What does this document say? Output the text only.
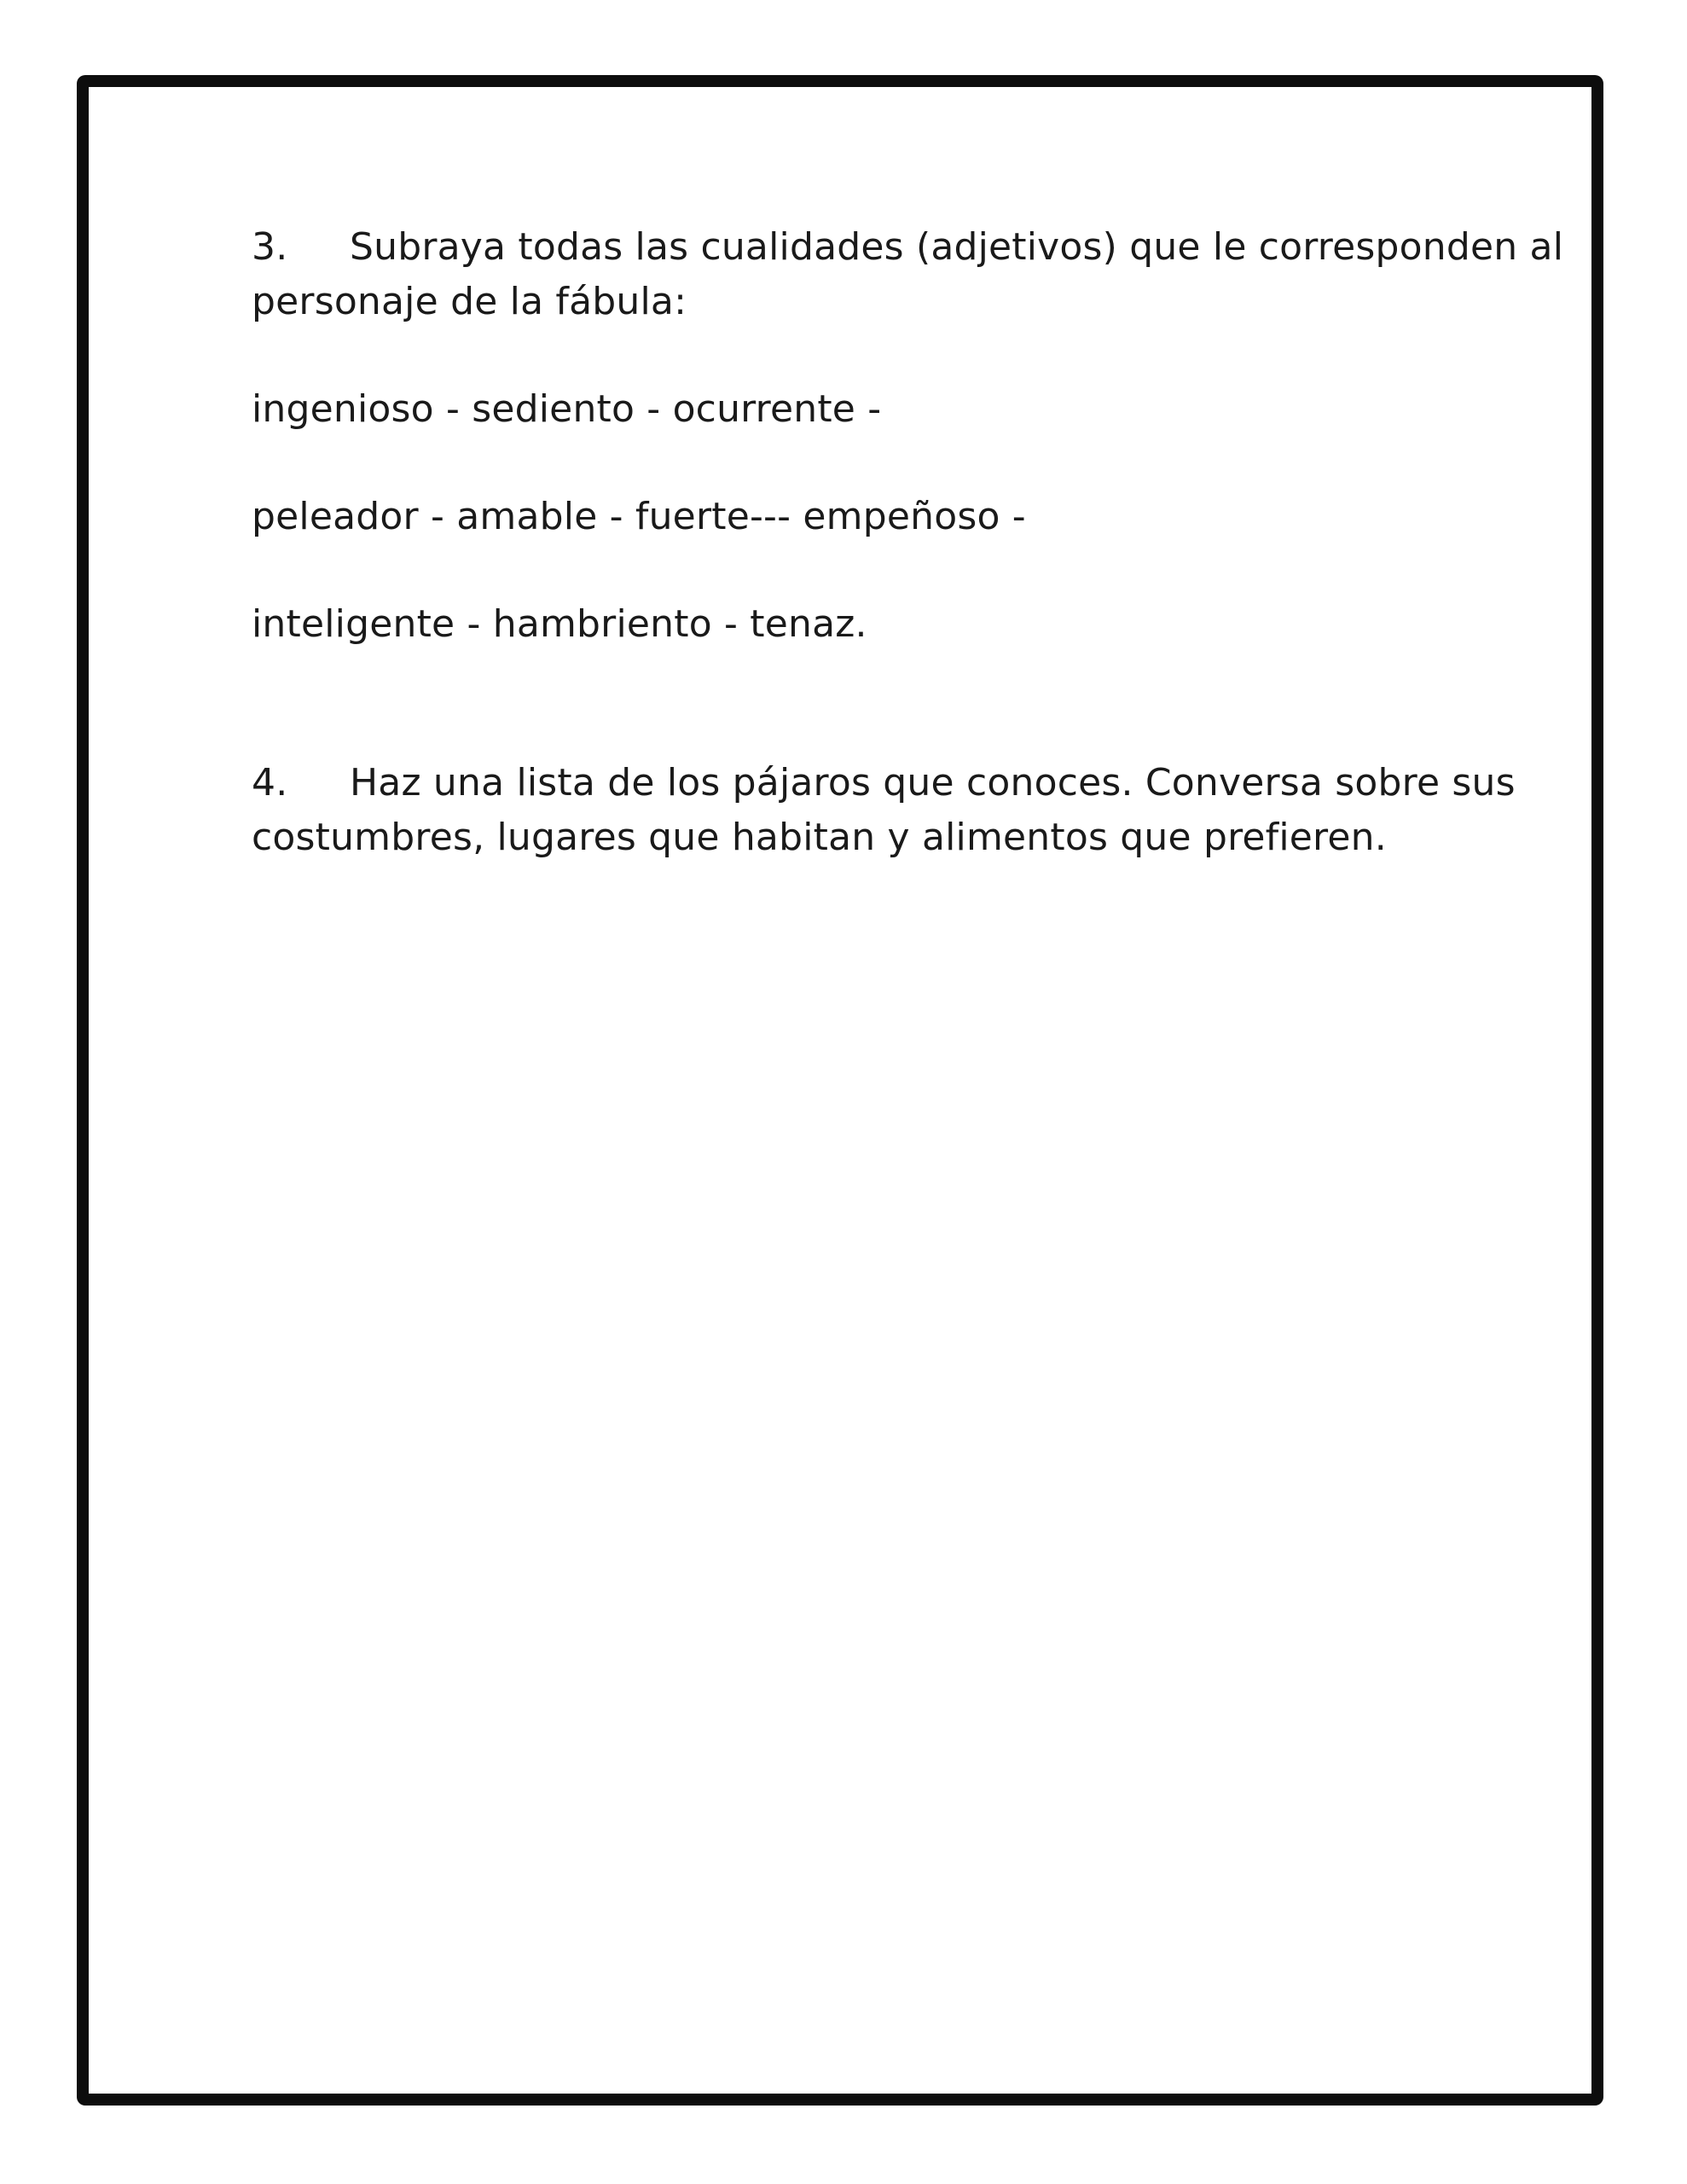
3. Subraya todas las cualidades (adjetivos) que le corresponden al
personaje de la fábula:
ingenioso - sediento - ocurrente -
peleador - amable - fuerte--- empeñoso -
inteligente - hambriento - tenaz.
4. Haz una lista de los pájaros que conoces. Conversa sobre sus
costumbres, lugares que habitan y alimentos que prefieren.
